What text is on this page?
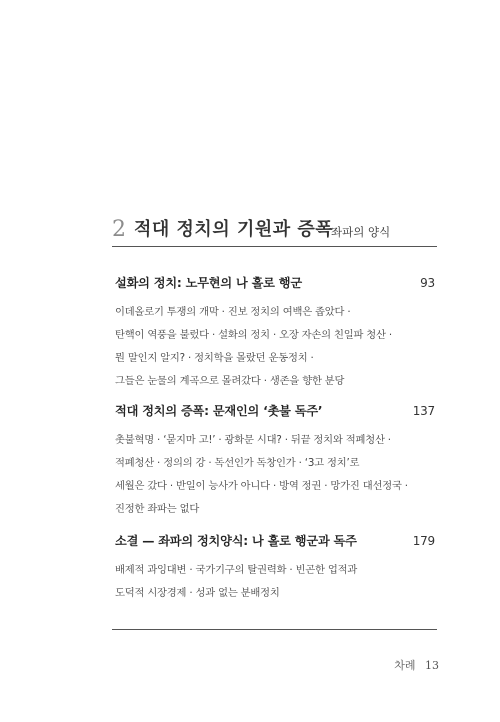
2 적대 정치의 기원과 증폭
좌파의 양식
설화의 정치: 노무현의 나 홀로 행군	93
이데올로기 투쟁의 개막 · 진보 정치의 여백은 좁았다 ·
탄핵이 역풍을 불렀다 · 설화의 정치 · 오장 자손의 친일파 청산 ·
뭔 말인지 알지? · 정치학을 몰랐던 운동정치 ·
그들은 눈물의 계곡으로 몰려갔다 · 생존을 향한 분당
적대 정치의 증폭: 문재인의 ‘촛불 독주’	137
촛불혁명 · ‘묻지마 고!’ · 광화문 시대? · 뒤끝 정치와 적폐청산 ·
적폐청산 · 정의의 강 · 독선인가 독창인가 · ‘3고 정치’로
세월은 갔다 · 반일이 능사가 아니다 · 방역 정권 · 망가진 대선정국 ·
진정한 좌파는 없다
소결 — 좌파의 정치양식: 나 홀로 행군과 독주	179
배제적 과잉대변 · 국가기구의 탈권력화 · 빈곤한 업적과
도덕적 시장경제 · 성과 없는 분배정치
차례 13
